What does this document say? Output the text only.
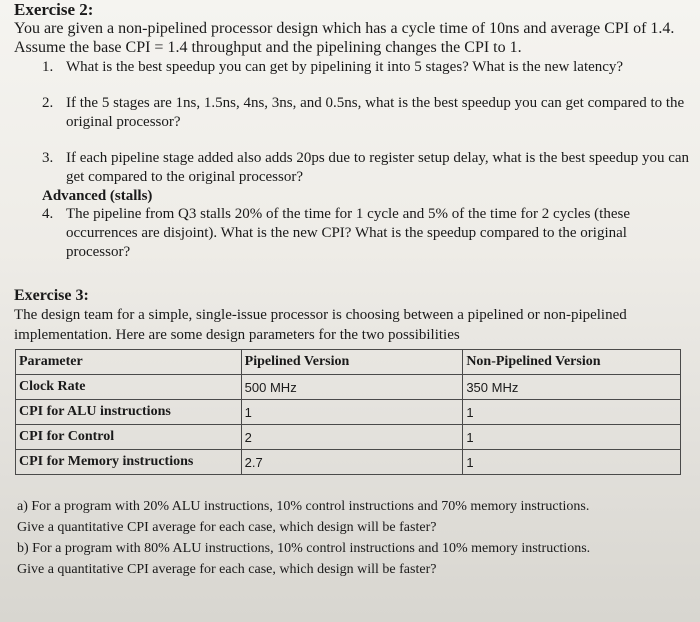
Exercise 2:
You are given a non-pipelined processor design which has a cycle time of 10ns and average CPI of 1.4.
Assume the base CPI = 1.4 throughput and the pipelining changes the CPI to 1.
1. What is the best speedup you can get by pipelining it into 5 stages? What is the new latency?
2. If the 5 stages are 1ns, 1.5ns, 4ns, 3ns, and 0.5ns, what is the best speedup you can get compared to the original processor?
3. If each pipeline stage added also adds 20ps due to register setup delay, what is the best speedup you can get compared to the original processor?
Advanced (stalls)
4. The pipeline from Q3 stalls 20% of the time for 1 cycle and 5% of the time for 2 cycles (these occurrences are disjoint). What is the new CPI? What is the speedup compared to the original processor?
Exercise 3:
The design team for a simple, single-issue processor is choosing between a pipelined or non-pipelined
implementation. Here are some design parameters for the two possibilities
Parameter	Pipelined Version	Non-Pipelined Version
Clock Rate	500 MHz	350 MHz
CPI for ALU instructions	1	1
CPI for Control	2	1
CPI for Memory instructions	2.7	1
a) For a program with 20% ALU instructions, 10% control instructions and 70% memory instructions.
Give a quantitative CPI average for each case, which design will be faster?
b) For a program with 80% ALU instructions, 10% control instructions and 10% memory instructions.
Give a quantitative CPI average for each case, which design will be faster?
